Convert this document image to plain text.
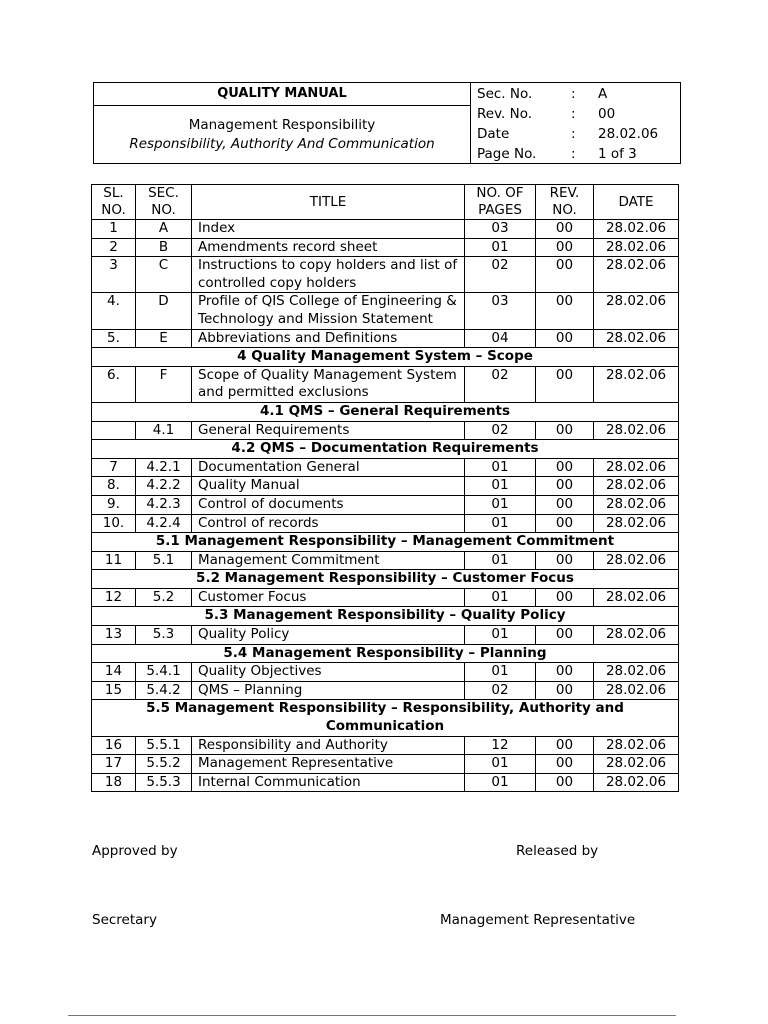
QUALITY MANUAL
Management Responsibility
Responsibility, Authority And Communication
Sec. No.	:	A
Rev. No.	:	00
Date	:	28.02.06
Page No.	:	1 of 3
SL. NO.	SEC. NO.	TITLE	NO. OF PAGES	REV. NO.	DATE
1	A	Index	03	00	28.02.06
2	B	Amendments record sheet	01	00	28.02.06
3	C	Instructions to copy holders and list of controlled copy holders	02	00	28.02.06
4.	D	Profile of QIS College of Engineering & Technology and Mission Statement	03	00	28.02.06
5.	E	Abbreviations and Definitions	04	00	28.02.06
4 Quality Management System – Scope					
6.	F	Scope of Quality Management System and permitted exclusions	02	00	28.02.06
4.1 QMS – General Requirements					
	4.1	General Requirements	02	00	28.02.06
4.2 QMS – Documentation Requirements					
7	4.2.1	Documentation General	01	00	28.02.06
8.	4.2.2	Quality Manual	01	00	28.02.06
9.	4.2.3	Control of documents	01	00	28.02.06
10.	4.2.4	Control of records	01	00	28.02.06
5.1 Management Responsibility – Management Commitment					
11	5.1	Management Commitment	01	00	28.02.06
5.2 Management Responsibility – Customer Focus					
12	5.2	Customer Focus	01	00	28.02.06
5.3 Management Responsibility – Quality Policy					
13	5.3	Quality Policy	01	00	28.02.06
5.4 Management Responsibility – Planning					
14	5.4.1	Quality Objectives	01	00	28.02.06
15	5.4.2	QMS – Planning	02	00	28.02.06
5.5 Management Responsibility – Responsibility, Authority and Communication					
16	5.5.1	Responsibility and Authority	12	00	28.02.06
17	5.5.2	Management Representative	01	00	28.02.06
18	5.5.3	Internal Communication	01	00	28.02.06
Approved by	Released by
Secretary	Management Representative
